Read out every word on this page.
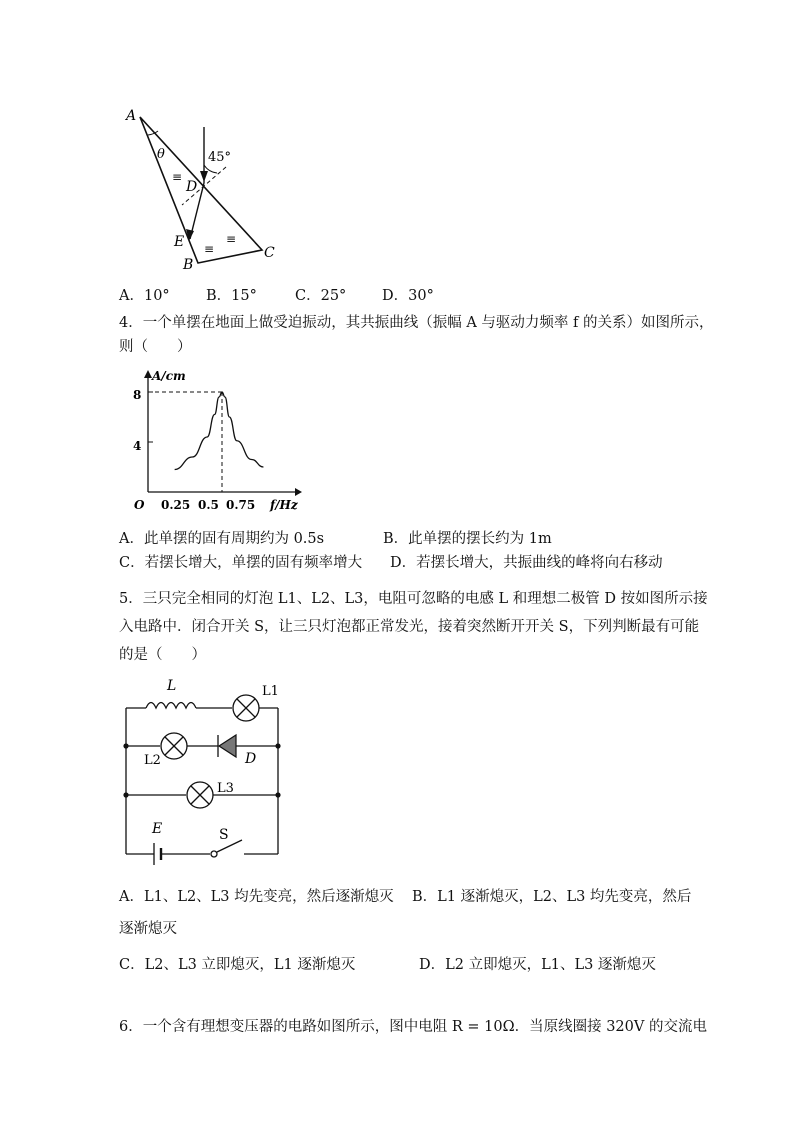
A
θ	45°
D
E
B
C
≡
≡
≡
A．10°	B．15°	C．25° D．30°
4．一个单摆在地面上做受迫振动，其共振曲线（振幅 A 与驱动力频率 f 的关系）如图所示，
则（　　）
A/cm
f/Hz
O
8
4
0.25 0.5 0.75
A．此单摆的固有周期约为 0.5s	B．此单摆的摆长约为 1m
C．若摆长增大，单摆的固有频率增大 D．若摆长增大，共振曲线的峰将向右移动
5．三只完全相同的灯泡 L1、L2、L3，电阻可忽略的电感 L 和理想二极管 D 按如图所示接
入电路中．闭合开关 S，让三只灯泡都正常发光，接着突然断开开关 S，下列判断最有可能
的是（　　）
L	L1
L2	D
L3
E	S
A．L1、L2、L3 均先变亮，然后逐渐熄灭 B．L1 逐渐熄灭，L2、L3 均先变亮，然后
逐渐熄灭
C．L2、L3 立即熄灭，L1 逐渐熄灭	D．L2 立即熄灭，L1、L3 逐渐熄灭
6．一个含有理想变压器的电路如图所示，图中电阻 R = 10Ω．当原线圈接 320V 的交流电
